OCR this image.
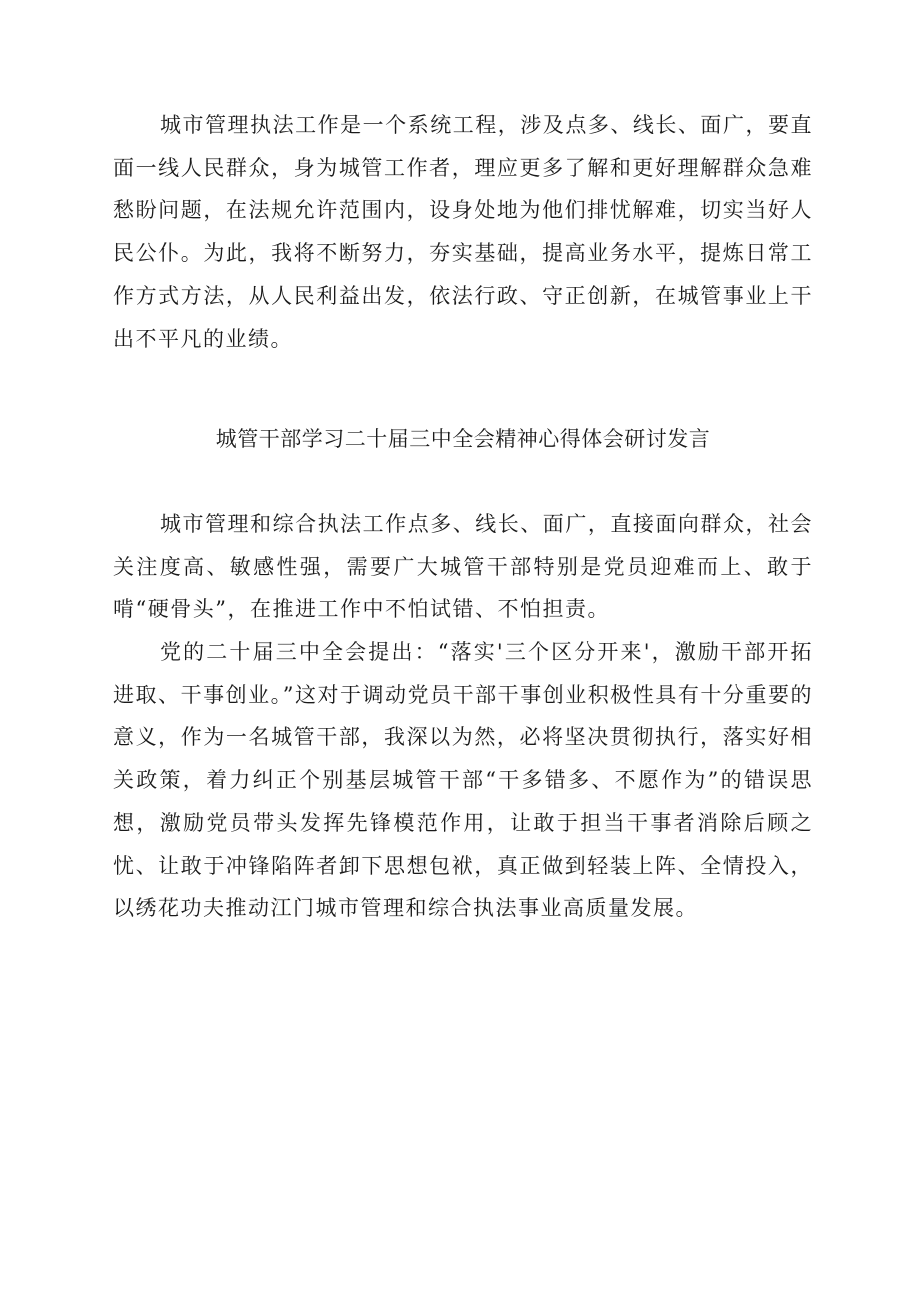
城市管理执法工作是一个系统工程，涉及点多、线长、面广，要直面一线人民群众，身为城管工作者，理应更多了解和更好理解群众急难愁盼问题，在法规允许范围内，设身处地为他们排忧解难，切实当好人民公仆。为此，我将不断努力，夯实基础，提高业务水平，提炼日常工作方式方法，从人民利益出发，依法行政、守正创新，在城管事业上干出不平凡的业绩。

城管干部学习二十届三中全会精神心得体会研讨发言

城市管理和综合执法工作点多、线长、面广，直接面向群众，社会关注度高、敏感性强，需要广大城管干部特别是党员迎难而上、敢于啃“硬骨头”，在推进工作中不怕试错、不怕担责。

党的二十届三中全会提出：“落实'三个区分开来'，激励干部开拓进取、干事创业。”这对于调动党员干部干事创业积极性具有十分重要的意义，作为一名城管干部，我深以为然，必将坚决贯彻执行，落实好相关政策，着力纠正个别基层城管干部“干多错多、不愿作为”的错误思想，激励党员带头发挥先锋模范作用，让敢于担当干事者消除后顾之忧、让敢于冲锋陷阵者卸下思想包袱，真正做到轻装上阵、全情投入，以绣花功夫推动江门城市管理和综合执法事业高质量发展。
